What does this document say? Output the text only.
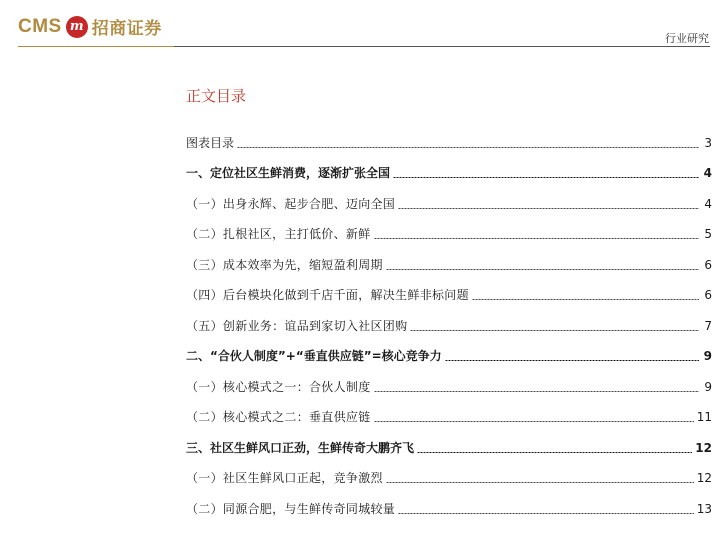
CMS m 招商证券	行业研究
正文目录
图表目录	3
一、定位社区生鲜消费，逐渐扩张全国	4
（一）出身永辉、起步合肥、迈向全国	4
（二）扎根社区，主打低价、新鲜	5
（三）成本效率为先，缩短盈利周期	6
（四）后台模块化做到千店千面，解决生鲜非标问题	6
（五）创新业务：谊品到家切入社区团购	7
二、“合伙人制度”+“垂直供应链”=核心竞争力	9
（一）核心模式之一：合伙人制度	9
（二）核心模式之二：垂直供应链	11
三、社区生鲜风口正劲，生鲜传奇大鹏齐飞	12
（一）社区生鲜风口正起，竞争激烈	12
（二）同源合肥，与生鲜传奇同城较量	13
